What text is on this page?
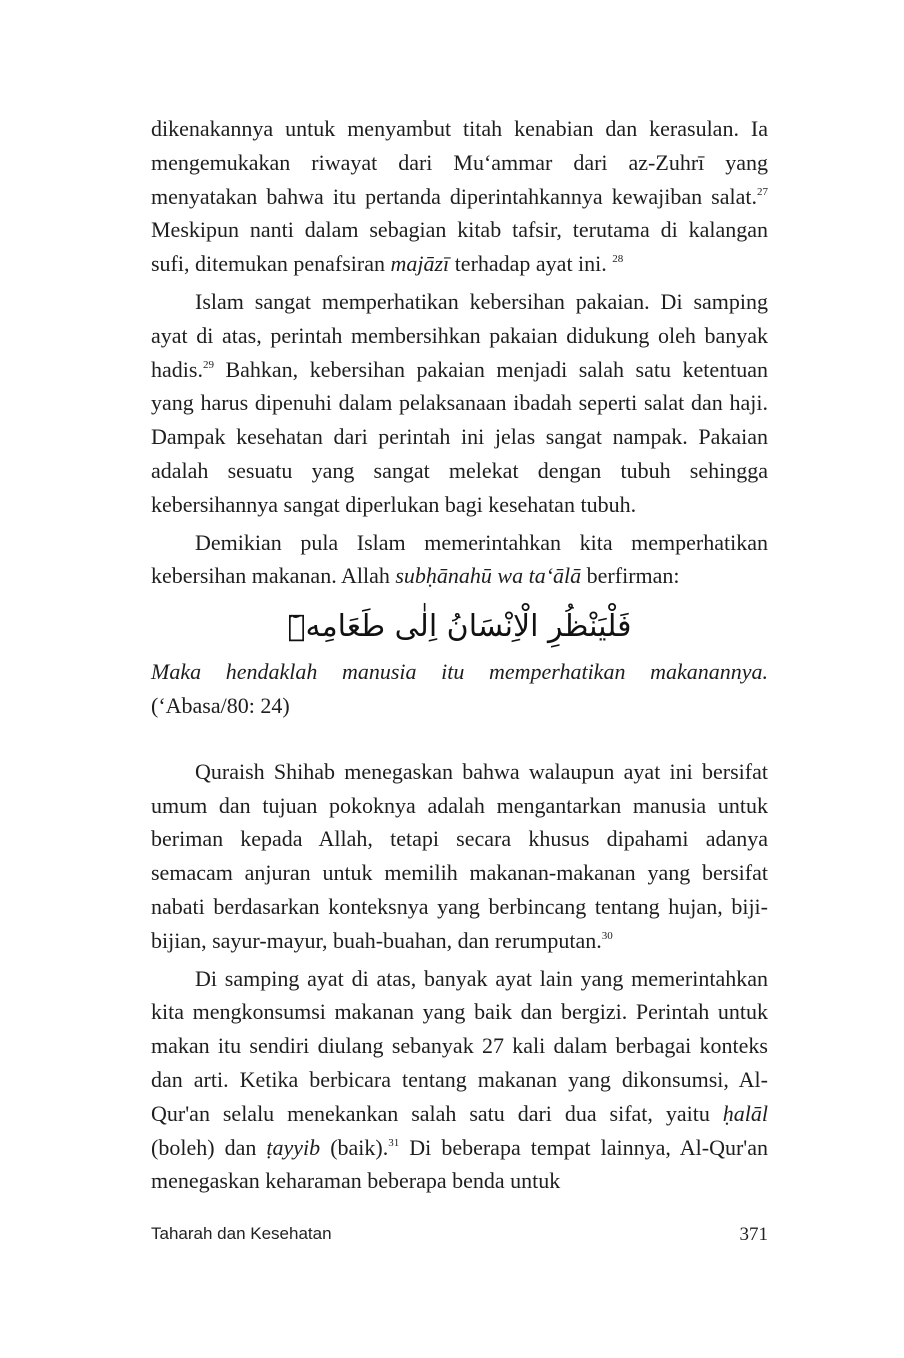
dikenakannya untuk menyambut titah kenabian dan kerasulan. Ia mengemukakan riwayat dari Mu‘ammar dari az-Zuhrī yang menyatakan bahwa itu pertanda diperintahkannya kewajiban salat.$^{27}$ Meskipun nanti dalam sebagian kitab tafsir, terutama di kalangan sufi, ditemukan penafsiran majāzī terhadap ayat ini. $^{28}$

Islam sangat memperhatikan kebersihan pakaian. Di samping ayat di atas, perintah membersihkan pakaian didukung oleh banyak hadis.$^{29}$ Bahkan, kebersihan pakaian menjadi salah satu ketentuan yang harus dipenuhi dalam pelaksanaan ibadah seperti salat dan haji. Dampak kesehatan dari perintah ini jelas sangat nampak. Pakaian adalah sesuatu yang sangat melekat dengan tubuh sehingga kebersihannya sangat diperlukan bagi kesehatan tubuh.

Demikian pula Islam memerintahkan kita memperhatikan kebersihan makanan. Allah subḥānahū wa ta‘ālā berfirman:

فَلْيَنْظُرِ الْاِنْسَانُ اِلٰى طَعَامِهٖٓ

Maka hendaklah manusia itu memperhatikan makanannya. (‘Abasa/80: 24)

Quraish Shihab menegaskan bahwa walaupun ayat ini bersifat umum dan tujuan pokoknya adalah mengantarkan manusia untuk beriman kepada Allah, tetapi secara khusus dipahami adanya semacam anjuran untuk memilih makanan-makanan yang bersifat nabati berdasarkan konteksnya yang berbincang tentang hujan, biji-bijian, sayur-mayur, buah-buahan, dan rerumputan.$^{30}$

Di samping ayat di atas, banyak ayat lain yang memerintahkan kita mengkonsumsi makanan yang baik dan bergizi. Perintah untuk makan itu sendiri diulang sebanyak 27 kali dalam berbagai konteks dan arti. Ketika berbicara tentang makanan yang dikonsumsi, Al-Qur'an selalu menekankan salah satu dari dua sifat, yaitu ḥalāl (boleh) dan ṭayyib (baik).$^{31}$ Di beberapa tempat lainnya, Al-Qur'an menegaskan keharaman beberapa benda untuk

Taharah dan Kesehatan	371
